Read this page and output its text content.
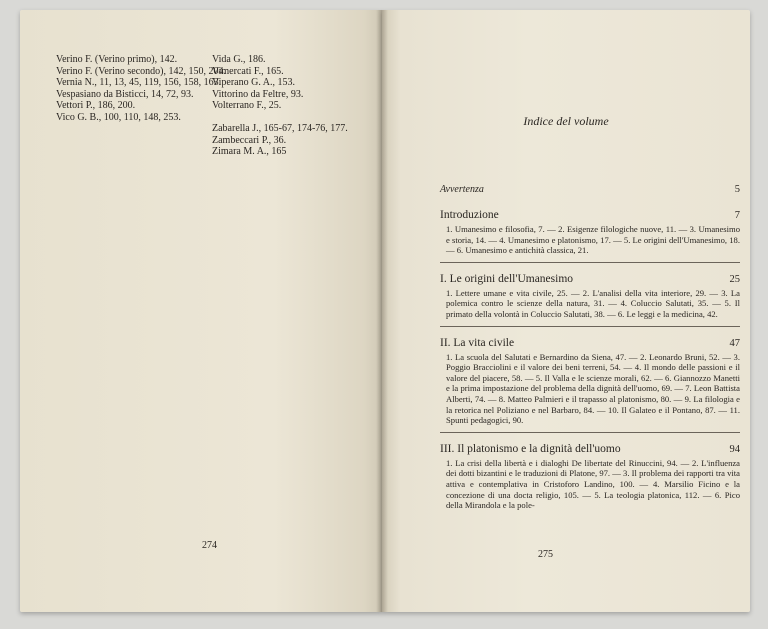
Verino F. (Verino primo), 142.
Verino F. (Verino secondo), 142, 150, 204.
Vernia N., 11, 13, 45, 119, 156, 158, 163.
Vespasiano da Bisticci, 14, 72, 93.
Vettori P., 186, 200.
Vico G. B., 100, 110, 148, 253.
Vida G., 186.
Vimercati F., 165.
Viperano G. A., 153.
Vittorino da Feltre, 93.
Volterrano F., 25.
Zabarella J., 165-67, 174-76, 177.
Zambeccari P., 36.
Zimara M. A., 165
274
Indice del volume
Avvertenza	5
Introduzione	7
1. Umanesimo e filosofia, 7. — 2. Esigenze filologiche nuove, 11. — 3. Umanesimo e storia, 14. — 4. Umanesimo e platonismo, 17. — 5. Le origini dell'Umanesimo, 18. — 6. Umanesimo e antichità classica, 21.
I. Le origini dell'Umanesimo	25
1. Lettere umane e vita civile, 25. — 2. L'analisi della vita interiore, 29. — 3. La polemica contro le scienze della natura, 31. — 4. Coluccio Salutati, 35. — 5. Il primato della volontà in Coluccio Salutati, 38. — 6. Le leggi e la medicina, 42.
II. La vita civile	47
1. La scuola del Salutati e Bernardino da Siena, 47. — 2. Leonardo Bruni, 52. — 3. Poggio Bracciolini e il valore dei beni terreni, 54. — 4. Il mondo delle passioni e il valore del piacere, 58. — 5. Il Valla e le scienze morali, 62. — 6. Giannozzo Manetti e la prima impostazione del problema della dignità dell'uomo, 69. — 7. Leon Battista Alberti, 74. — 8. Matteo Palmieri e il trapasso al platonismo, 80. — 9. La filologia e la retorica nel Poliziano e nel Barbaro, 84. — 10. Il Galateo e il Pontano, 87. — 11. Spunti pedagogici, 90.
III. Il platonismo e la dignità dell'uomo	94
1. La crisi della libertà e i dialoghi De libertate del Rinuccini, 94. — 2. L'influenza dei dotti bizantini e le traduzioni di Platone, 97. — 3. Il problema dei rapporti tra vita attiva e contemplativa in Cristoforo Landino, 100. — 4. Marsilio Ficino e la concezione di una docta religio, 105. — 5. La teologia platonica, 112. — 6. Pico della Mirandola e la pole-
275
